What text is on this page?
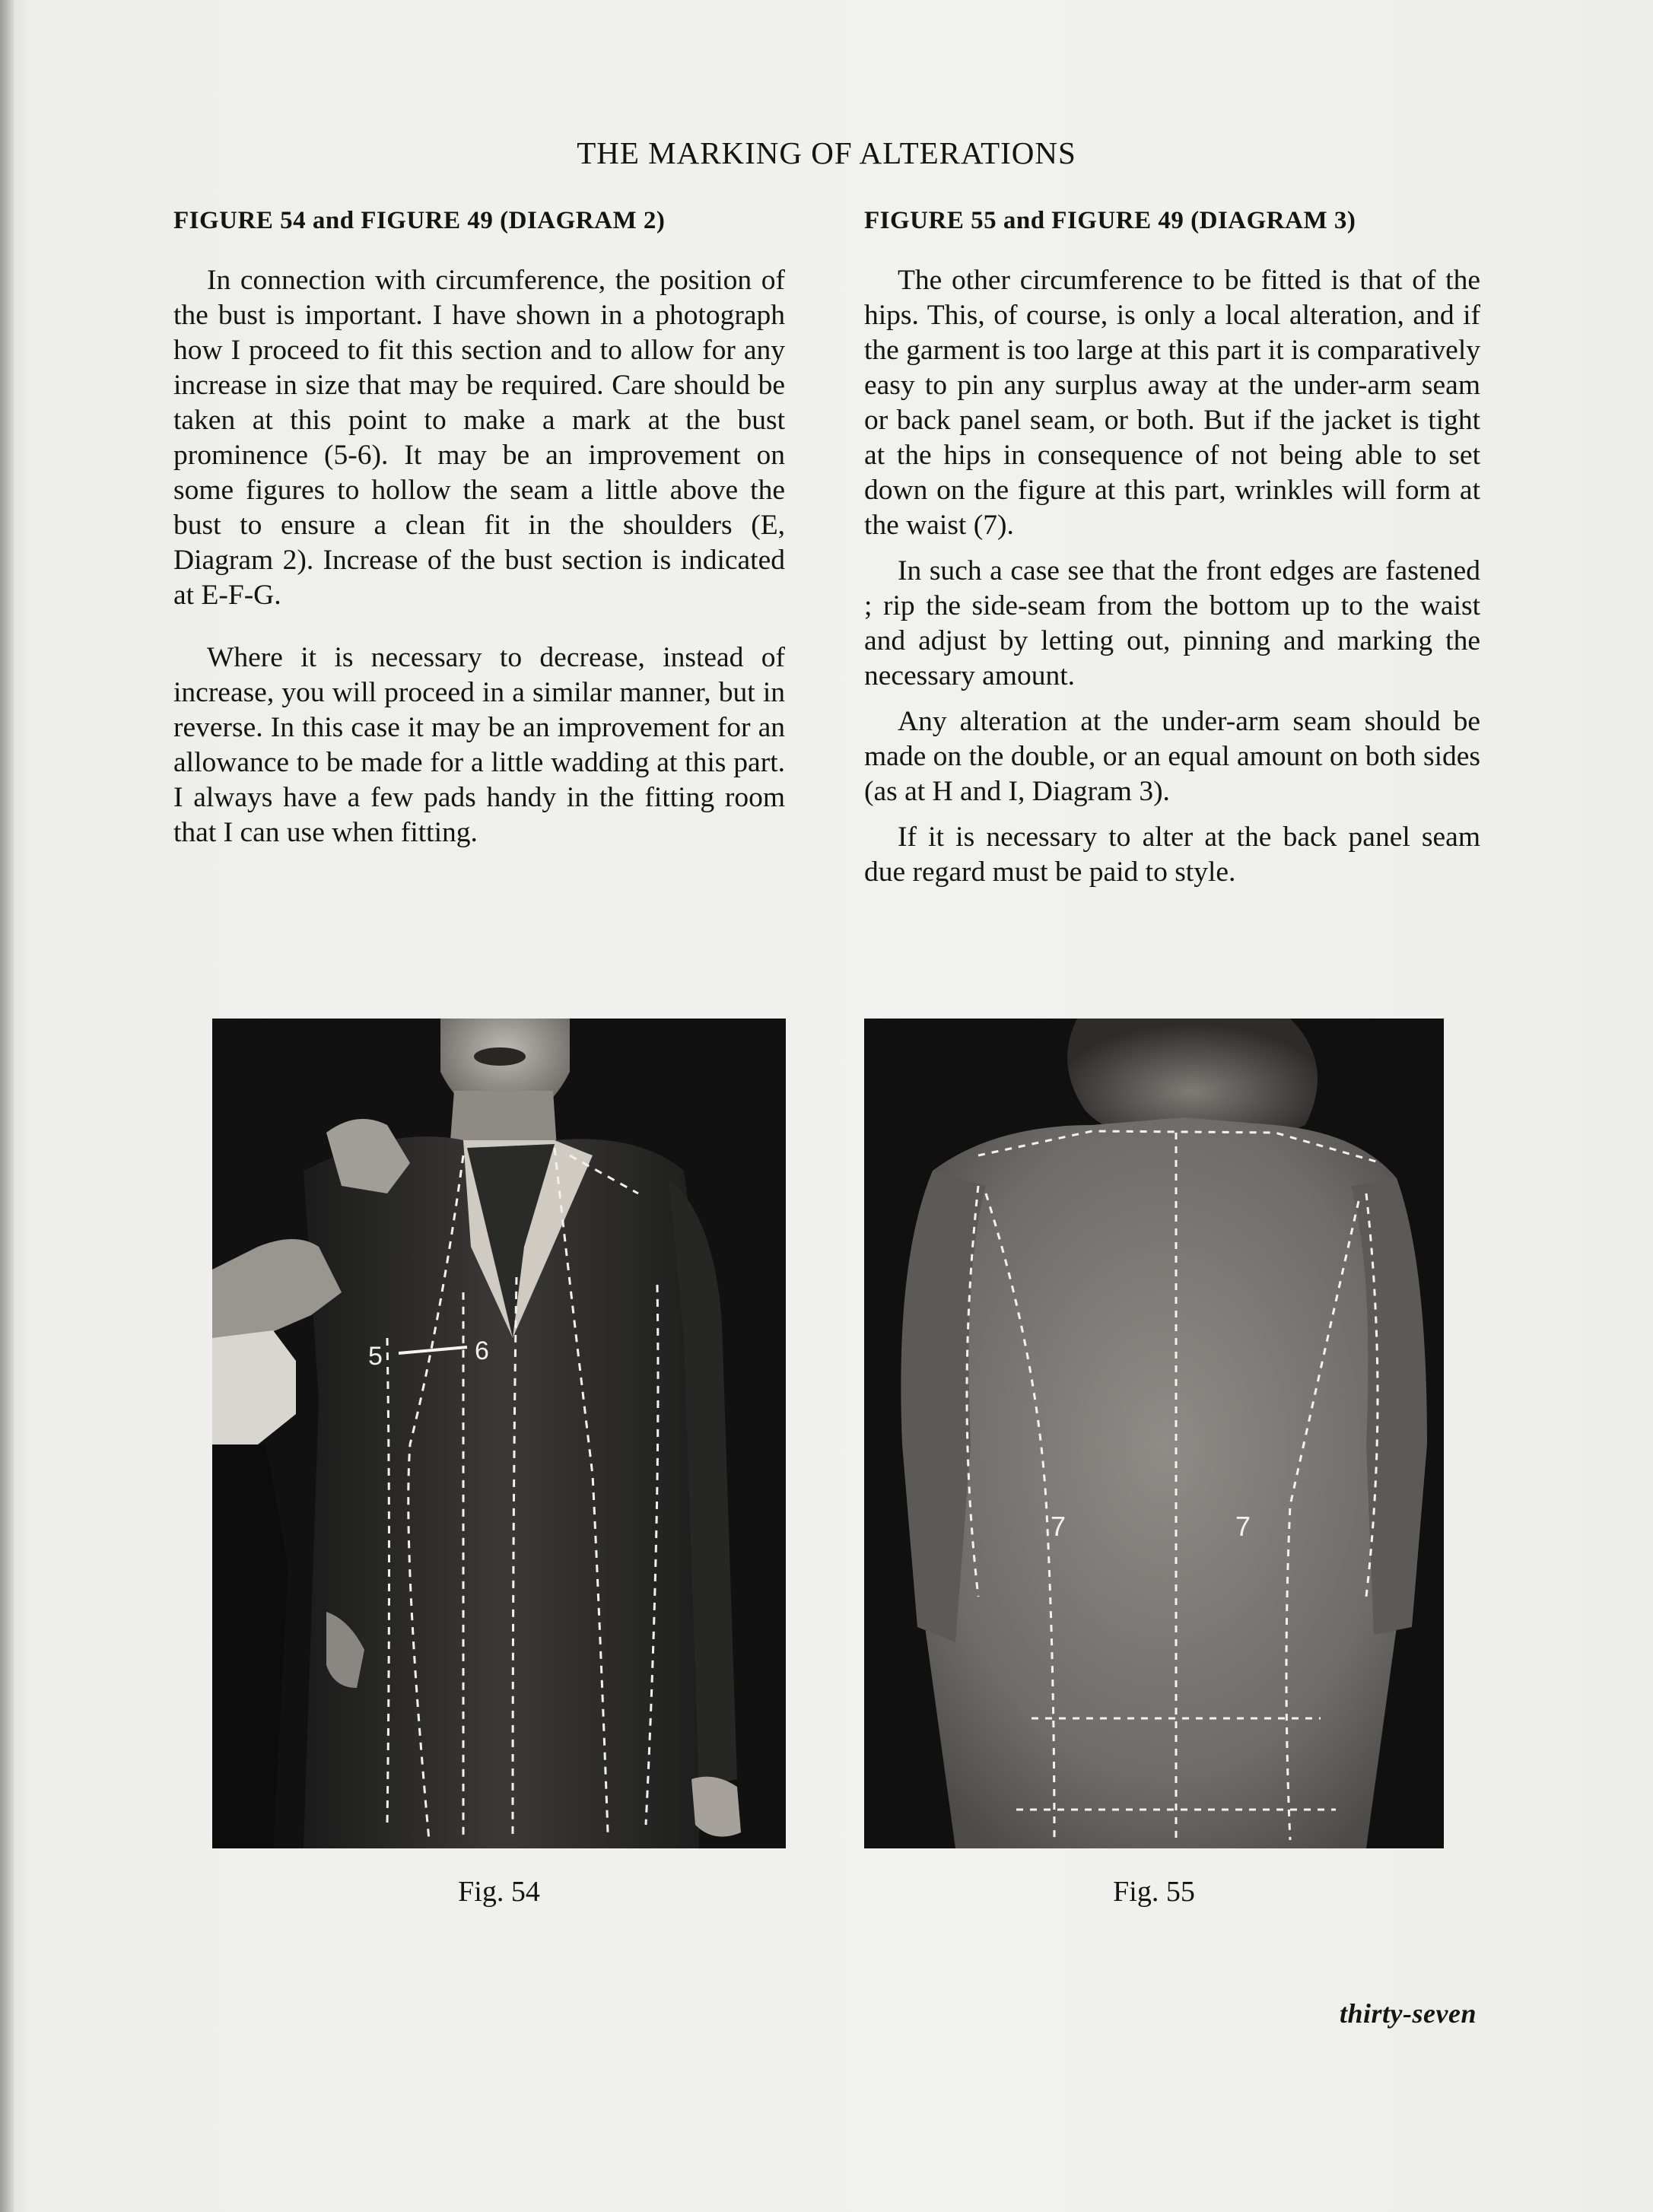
THE MARKING OF ALTERATIONS
FIGURE 54 and FIGURE 49 (DIAGRAM 2)

In connection with circumference, the position of the bust is important. I have shown in a photograph how I proceed to fit this section and to allow for any increase in size that may be required. Care should be taken at this point to make a mark at the bust prominence (5-6). It may be an improvement on some figures to hollow the seam a little above the bust to ensure a clean fit in the shoulders (E, Diagram 2). Increase of the bust section is indicated at E-F-G.

Where it is necessary to decrease, instead of increase, you will proceed in a similar manner, but in reverse. In this case it may be an improvement for an allowance to be made for a little wadding at this part. I always have a few pads handy in the fitting room that I can use when fitting.

FIGURE 55 and FIGURE 49 (DIAGRAM 3)

The other circumference to be fitted is that of the hips. This, of course, is only a local alteration, and if the garment is too large at this part it is comparatively easy to pin any surplus away at the under-arm seam or back panel seam, or both. But if the jacket is tight at the hips in consequence of not being able to set down on the figure at this part, wrinkles will form at the waist (7).

In such a case see that the front edges are fastened ; rip the side-seam from the bottom up to the waist and adjust by letting out, pinning and marking the necessary amount.

Any alteration at the under-arm seam should be made on the double, or an equal amount on both sides (as at H and I, Diagram 3).

If it is necessary to alter at the back panel seam due regard must be paid to style.

5	6
Fig. 54
7	7
Fig. 55
thirty-seven
